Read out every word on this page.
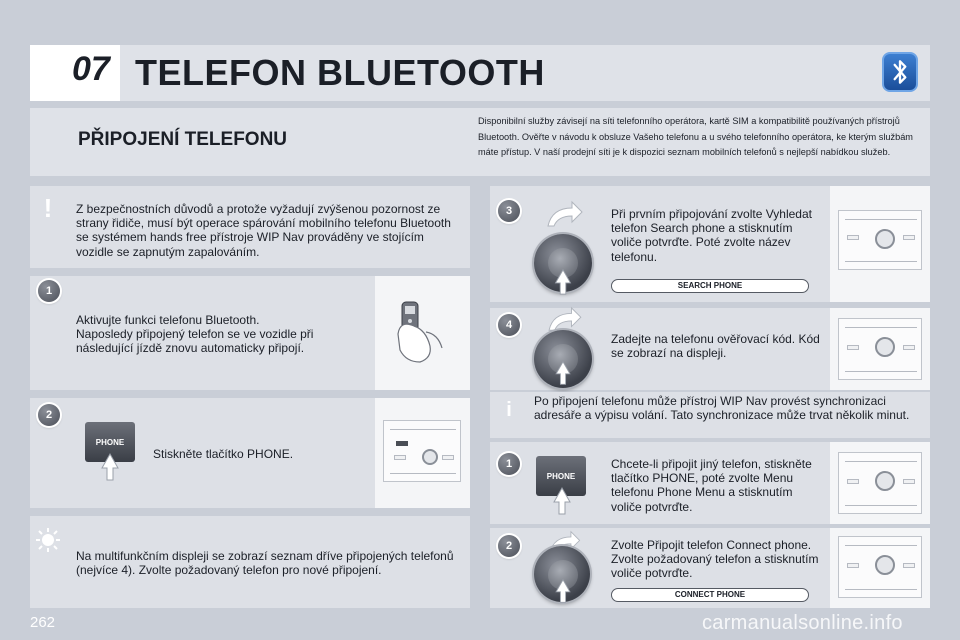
07 TELEFON BLUETOOTH
PŘIPOJENÍ TELEFONU
Disponibilní služby závisejí na síti telefonního operátora, kartě SIM a kompatibilitě používaných přístrojů Bluetooth. Ověřte v návodu k obsluze Vašeho telefonu a u svého telefonního operátora, ke kterým službám máte přístup. V naší prodejní síti je k dispozici seznam mobilních telefonů s nejlepší nabídkou služeb.
!	Z bezpečnostních důvodů a protože vyžadují zvýšenou pozornost ze strany řidiče, musí být operace spárování mobilního telefonu Bluetooth se systémem hands free přístroje WIP Nav prováděny ve stojícím vozidle se zapnutým zapalováním.
1
Aktivujte funkci telefonu Bluetooth.
Naposledy připojený telefon se ve vozidle při následující jízdě znovu automaticky připojí.
2
PHONE
Stiskněte tlačítko PHONE.
Na multifunkčním displeji se zobrazí seznam dříve připojených telefonů (nejvíce 4). Zvolte požadovaný telefon pro nové připojení.
3	Při prvním připojování zvolte Vyhledat telefon Search phone a stisknutím voliče potvrďte. Poté zvolte název telefonu.
SEARCH PHONE
4
Zadejte na telefonu ověřovací kód. Kód se zobrazí na displeji.
i	Po připojení telefonu může přístroj WIP Nav provést synchronizaci adresáře a výpisu volání. Tato synchronizace může trvat několik minut.
1
PHONE
Chcete-li připojit jiný telefon, stiskněte tlačítko PHONE, poté zvolte Menu telefonu Phone Menu a stisknutím voliče potvrďte.
2	Zvolte Připojit telefon Connect phone. Zvolte požadovaný telefon a stisknutím voliče potvrďte.
CONNECT PHONE
262	carmanualsonline.info
